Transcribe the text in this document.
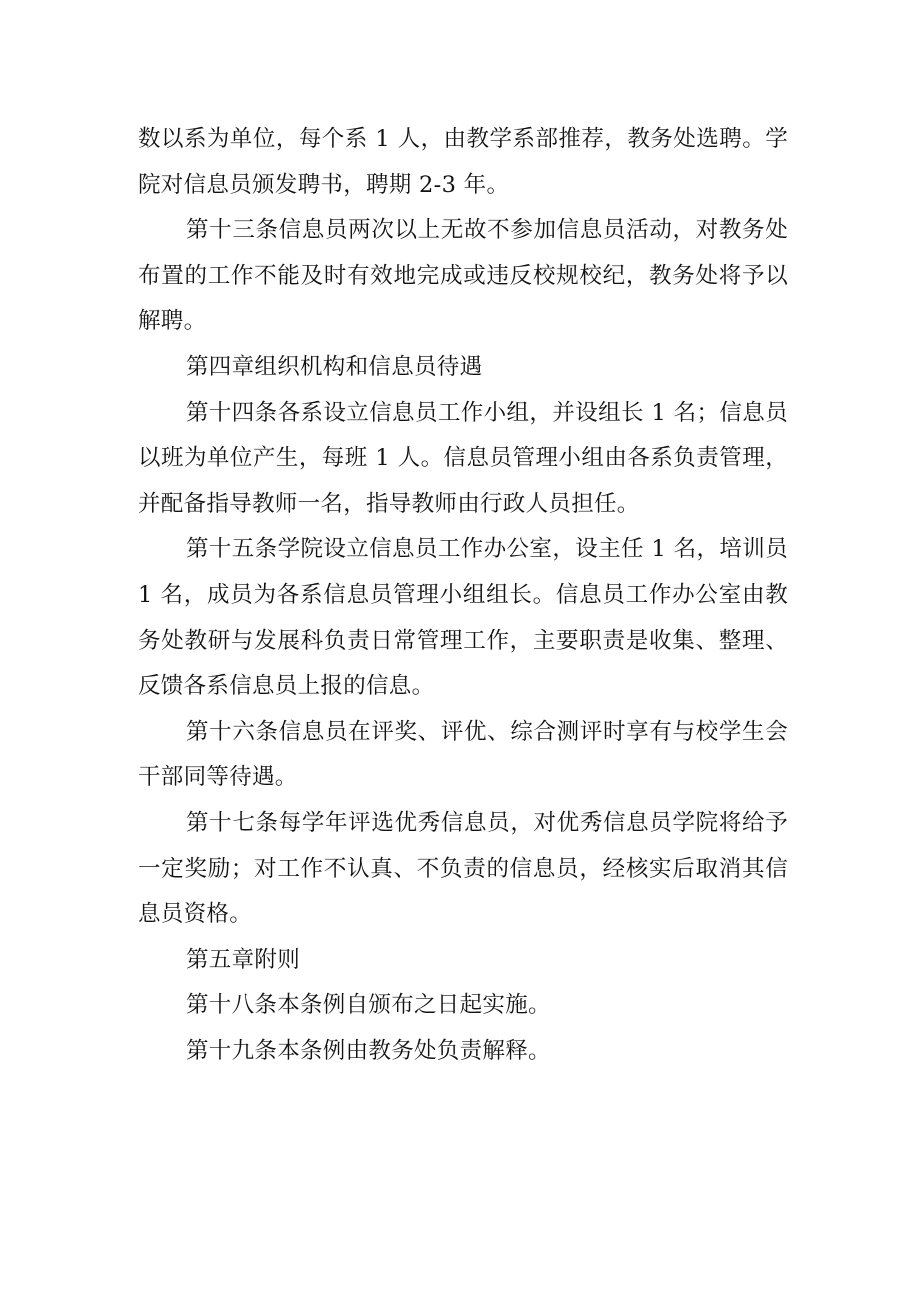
数以系为单位，每个系 1 人，由教学系部推荐，教务处选聘。学院对信息员颁发聘书，聘期 2-3 年。

第十三条信息员两次以上无故不参加信息员活动，对教务处布置的工作不能及时有效地完成或违反校规校纪，教务处将予以解聘。

第四章组织机构和信息员待遇

第十四条各系设立信息员工作小组，并设组长 1 名；信息员以班为单位产生，每班 1 人。信息员管理小组由各系负责管理，并配备指导教师一名，指导教师由行政人员担任。

第十五条学院设立信息员工作办公室，设主任 1 名，培训员 1 名，成员为各系信息员管理小组组长。信息员工作办公室由教务处教研与发展科负责日常管理工作，主要职责是收集、整理、反馈各系信息员上报的信息。

第十六条信息员在评奖、评优、综合测评时享有与校学生会干部同等待遇。

第十七条每学年评选优秀信息员，对优秀信息员学院将给予一定奖励；对工作不认真、不负责的信息员，经核实后取消其信息员资格。

第五章附则

第十八条本条例自颁布之日起实施。

第十九条本条例由教务处负责解释。
